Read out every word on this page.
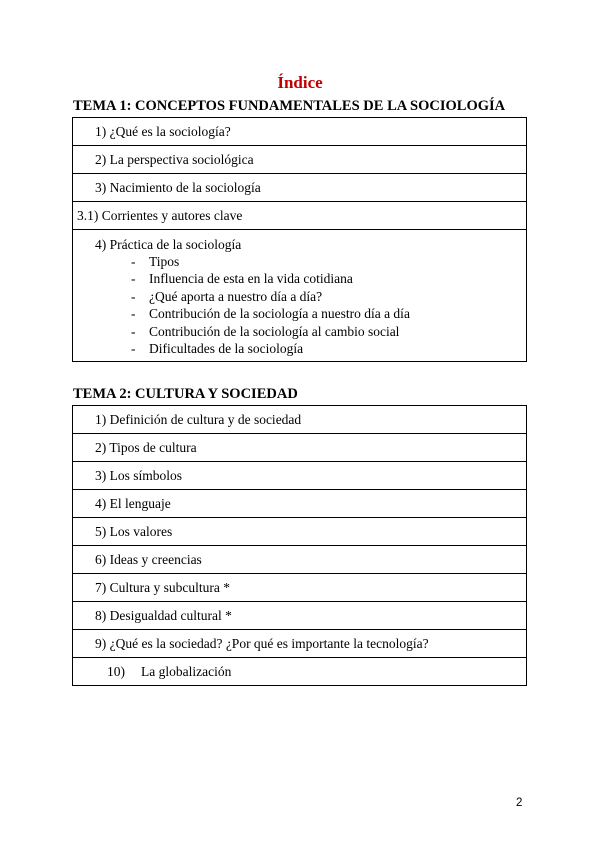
Índice
TEMA 1: CONCEPTOS FUNDAMENTALES DE LA SOCIOLOGÍA
1) ¿Qué es la sociología?

2) La perspectiva sociológica

3) Nacimiento de la sociología

3.1) Corrientes y autores clave

4) Práctica de la sociología
- Tipos
- Influencia de esta en la vida cotidiana
- ¿Qué aporta a nuestro día a día?
- Contribución de la sociología a nuestro día a día
- Contribución de la sociología al cambio social
- Dificultades de la sociología
TEMA 2: CULTURA Y SOCIEDAD
1) Definición de cultura y de sociedad

2) Tipos de cultura

3) Los símbolos

4) El lenguaje

5) Los valores

6) Ideas y creencias

7) Cultura y subcultura *

8) Desigualdad cultural *

9) ¿Qué es la sociedad? ¿Por qué es importante la tecnología?

10) La globalización
2
